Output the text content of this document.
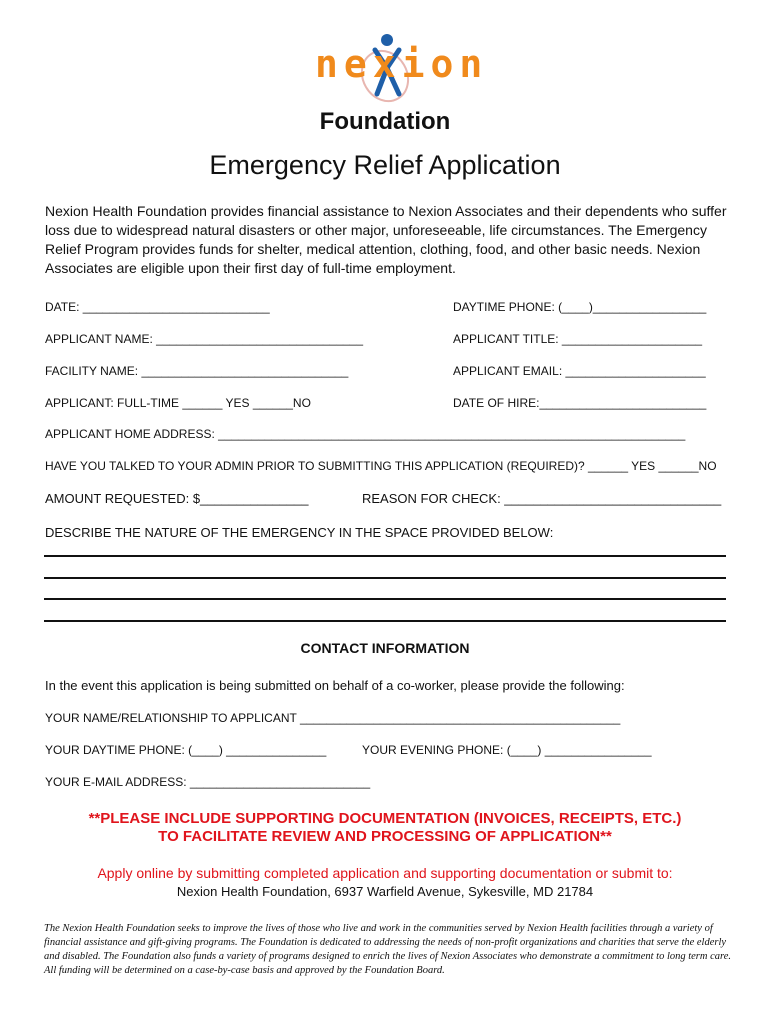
nexion
Foundation
Emergency Relief Application
Nexion Health Foundation provides financial assistance to Nexion Associates and their dependents who suffer loss due to widespread natural disasters or other major, unforeseeable, life circumstances. The Emergency Relief Program provides funds for shelter, medical attention, clothing, food, and other basic needs. Nexion Associates are eligible upon their first day of full-time employment.
DATE: ____________________________	DAYTIME PHONE: (____)_________________
APPLICANT NAME: _______________________________	APPLICANT TITLE: _____________________
FACILITY NAME: _______________________________	APPLICANT EMAIL: _____________________
APPLICANT: FULL-TIME ______ YES ______NO	DATE OF HIRE:_________________________
APPLICANT HOME ADDRESS: ______________________________________________________________________
HAVE YOU TALKED TO YOUR ADMIN PRIOR TO SUBMITTING THIS APPLICATION (REQUIRED)? ______ YES ______NO
AMOUNT REQUESTED: $_______________	REASON FOR CHECK: ______________________________
DESCRIBE THE NATURE OF THE EMERGENCY IN THE SPACE PROVIDED BELOW:
CONTACT INFORMATION
In the event this application is being submitted on behalf of a co-worker, please provide the following:
YOUR NAME/RELATIONSHIP TO APPLICANT ________________________________________________
YOUR DAYTIME PHONE: (____) _______________	YOUR EVENING PHONE: (____) ________________
YOUR E-MAIL ADDRESS: ___________________________
**PLEASE INCLUDE SUPPORTING DOCUMENTATION (INVOICES, RECEIPTS, ETC.)
TO FACILITATE REVIEW AND PROCESSING OF APPLICATION**
Apply online by submitting completed application and supporting documentation or submit to:
Nexion Health Foundation, 6937 Warfield Avenue, Sykesville, MD 21784
The Nexion Health Foundation seeks to improve the lives of those who live and work in the communities served by Nexion Health facilities through a variety of financial assistance and gift-giving programs. The Foundation is dedicated to addressing the needs of non-profit organizations and charities that serve the elderly and disabled. The Foundation also funds a variety of programs designed to enrich the lives of Nexion Associates who demonstrate a commitment to long term care. All funding will be determined on a case-by-case basis and approved by the Foundation Board.
